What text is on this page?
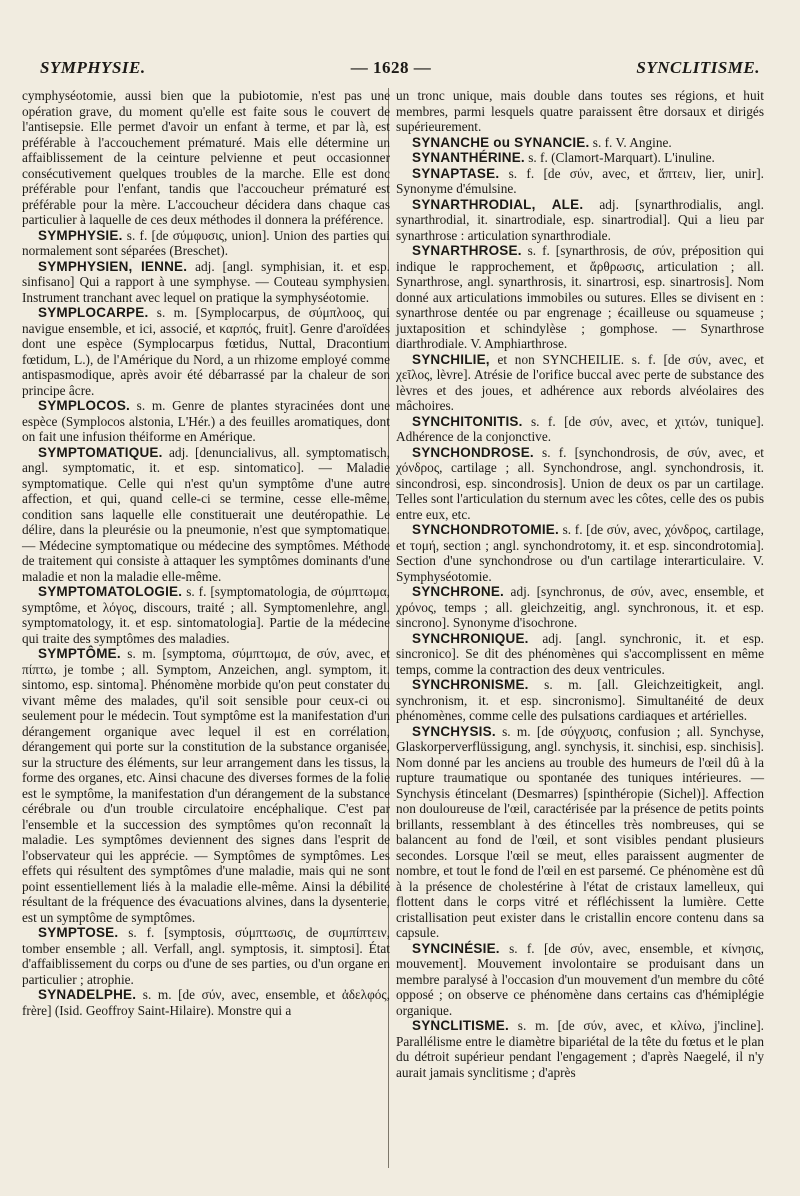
SYMPHYSIE.	— 1628 —	SYNCLITISME.

cymphyséotomie, aussi bien que la pubiotomie, n'est pas une opération grave, du moment qu'elle est faite sous le couvert de l'antisepsie. Elle permet d'avoir un enfant à terme, et par là, est préférable à l'accouchement prématuré. Mais elle détermine un affaiblissement de la ceinture pelvienne et peut occasionner consécutivement quelques troubles de la marche. Elle est donc préférable pour l'enfant, tandis que l'accoucheur prématuré est préférable pour la mère. L'accoucheur décidera dans chaque cas particulier à laquelle de ces deux méthodes il donnera la préférence.

SYMPHYSIE. s. f. [de σύμφυσις, union]. Union des parties qui normalement sont séparées (Breschet).

SYMPHYSIEN, IENNE. adj. [angl. symphisian, it. et esp. sinfisano] Qui a rapport à une symphyse. — Couteau symphysien. Instrument tranchant avec lequel on pratique la symphyséotomie.

SYMPLOCARPE. s. m. [Symplocarpus, de σύμπλοος, qui navigue ensemble, et ici, associé, et καρπός, fruit]. Genre d'aroïdées dont une espèce (Symplocarpus fœtidus, Nuttal, Dracontium fœtidum, L.), de l'Amérique du Nord, a un rhizome employé comme antispasmodique, après avoir été débarrassé par la chaleur de son principe âcre.

SYMPLOCOS. s. m. Genre de plantes styracinées dont une espèce (Symplocos alstonia, L'Hér.) a des feuilles aromatiques, dont on fait une infusion théiforme en Amérique.

SYMPTOMATIQUE. adj. [denuncialivus, all. symptomatisch, angl. symptomatic, it. et esp. sintomatico]. — Maladie symptomatique. Celle qui n'est qu'un symptôme d'une autre affection, et qui, quand celle-ci se termine, cesse elle-même, condition sans laquelle elle constituerait une deutéropathie. Le délire, dans la pleurésie ou la pneumonie, n'est que symptomatique. — Médecine symptomatique ou médecine des symptômes. Méthode de traitement qui consiste à attaquer les symptômes dominants d'une maladie et non la maladie elle-même.

SYMPTOMATOLOGIE. s. f. [symptomatologia, de σύμπτωμα, symptôme, et λόγος, discours, traité ; all. Symptomenlehre, angl. symptomatology, it. et esp. sintomatologia]. Partie de la médecine qui traite des symptômes des maladies.

SYMPTÔME. s. m. [symptoma, σύμπτωμα, de σύν, avec, et πίπτω, je tombe ; all. Symptom, Anzeichen, angl. symptom, it. sintomo, esp. sintoma]. Phénomène morbide qu'on peut constater du vivant même des malades, qu'il soit sensible pour ceux-ci ou seulement pour le médecin. Tout symptôme est la manifestation d'un dérangement organique avec lequel il est en corrélation, dérangement qui porte sur la constitution de la substance organisée, sur la structure des éléments, sur leur arrangement dans les tissus, la forme des organes, etc. Ainsi chacune des diverses formes de la folie est le symptôme, la manifestation d'un dérangement de la substance cérébrale ou d'un trouble circulatoire encéphalique. C'est par l'ensemble et la succession des symptômes qu'on reconnaît la maladie. Les symptômes deviennent des signes dans l'esprit de l'observateur qui les apprécie. — Symptômes de symptômes. Les effets qui résultent des symptômes d'une maladie, mais qui ne sont point essentiellement liés à la maladie elle-même. Ainsi la débilité résultant de la fréquence des évacuations alvines, dans la dysenterie, est un symptôme de symptômes.

SYMPTOSE. s. f. [symptosis, σύμπτωσις, de συμπίπτειν, tomber ensemble ; all. Verfall, angl. symptosis, it. simptosi]. État d'affaiblissement du corps ou d'une de ses parties, ou d'un organe en particulier ; atrophie.

SYNADELPHE. s. m. [de σύν, avec, ensemble, et ἀδελφός, frère] (Isid. Geoffroy Saint-Hilaire). Monstre qui a

un tronc unique, mais double dans toutes ses régions, et huit membres, parmi lesquels quatre paraissent être dorsaux et dirigés supérieurement.

SYNANCHE ou SYNANCIE. s. f. V. Angine.

SYNANTHÉRINE. s. f. (Clamort-Marquart). L'inuline.

SYNAPTASE. s. f. [de σύν, avec, et ἅπτειν, lier, unir]. Synonyme d'émulsine.

SYNARTHRODIAL, ALE. adj. [synarthrodialis, angl. synarthrodial, it. sinartrodiale, esp. sinartrodial]. Qui a lieu par synarthrose : articulation synarthrodiale.

SYNARTHROSE. s. f. [synarthrosis, de σύν, préposition qui indique le rapprochement, et ἄρθρωσις, articulation ; all. Synarthrose, angl. synarthrosis, it. sinartrosi, esp. sinartrosis]. Nom donné aux articulations immobiles ou sutures. Elles se divisent en : synarthrose dentée ou par engrenage ; écailleuse ou squameuse ; juxtaposition et schindylèse ; gomphose. — Synarthrose diarthrodiale. V. Amphiarthrose.

SYNCHILIE, et non SYNCHEILIE. s. f. [de σύν, avec, et χεῖλος, lèvre]. Atrésie de l'orifice buccal avec perte de substance des lèvres et des joues, et adhérence aux rebords alvéolaires des mâchoires.

SYNCHITONITIS. s. f. [de σύν, avec, et χιτών, tunique]. Adhérence de la conjonctive.

SYNCHONDROSE. s. f. [synchondrosis, de σύν, avec, et χόνδρος, cartilage ; all. Synchondrose, angl. synchondrosis, it. sincondrosi, esp. sincondrosis]. Union de deux os par un cartilage. Telles sont l'articulation du sternum avec les côtes, celle des os pubis entre eux, etc.

SYNCHONDROTOMIE. s. f. [de σύν, avec, χόνδρος, cartilage, et τομή, section ; angl. synchondrotomy, it. et esp. sincondrotomia]. Section d'une synchondrose ou d'un cartilage interarticulaire. V. Symphyséotomie.

SYNCHRONE. adj. [synchronus, de σύν, avec, ensemble, et χρόνος, temps ; all. gleichzeitig, angl. synchronous, it. et esp. sincrono]. Synonyme d'isochrone.

SYNCHRONIQUE. adj. [angl. synchronic, it. et esp. sincronico]. Se dit des phénomènes qui s'accomplissent en même temps, comme la contraction des deux ventricules.

SYNCHRONISME. s. m. [all. Gleichzeitigkeit, angl. synchronism, it. et esp. sincronismo]. Simultanéité de deux phénomènes, comme celle des pulsations cardiaques et artérielles.

SYNCHYSIS. s. m. [de σύγχυσις, confusion ; all. Synchyse, Glaskorperverflüssigung, angl. synchysis, it. sinchisi, esp. sinchisis]. Nom donné par les anciens au trouble des humeurs de l'œil dû à la rupture traumatique ou spontanée des tuniques intérieures. — Synchysis étincelant (Desmarres) [spinthéropie (Sichel)]. Affection non douloureuse de l'œil, caractérisée par la présence de petits points brillants, ressemblant à des étincelles très nombreuses, qui se balancent au fond de l'œil, et sont visibles pendant plusieurs secondes. Lorsque l'œil se meut, elles paraissent augmenter de nombre, et tout le fond de l'œil en est parsemé. Ce phénomène est dû à la présence de cholestérine à l'état de cristaux lamelleux, qui flottent dans le corps vitré et réfléchissent la lumière. Cette cristallisation peut exister dans le cristallin encore contenu dans sa capsule.

SYNCINÉSIE. s. f. [de σύν, avec, ensemble, et κίνησις, mouvement]. Mouvement involontaire se produisant dans un membre paralysé à l'occasion d'un mouvement d'un membre du côté opposé ; on observe ce phénomène dans certains cas d'hémiplégie organique.

SYNCLITISME. s. m. [de σύν, avec, et κλίνω, j'incline]. Parallélisme entre le diamètre bipariétal de la tête du fœtus et le plan du détroit supérieur pendant l'engagement ; d'après Naegelé, il n'y aurait jamais synclitisme ; d'après
